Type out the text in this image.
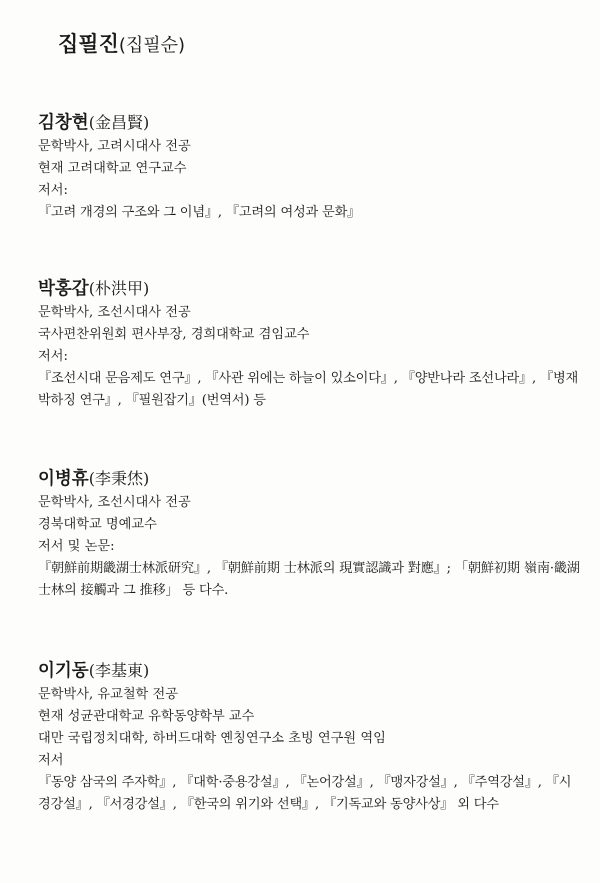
집필진(집필순)
김창현(金昌賢)
문학박사, 고려시대사 전공
현재 고려대학교 연구교수
저서:
『고려 개경의 구조와 그 이념』, 『고려의 여성과 문화』
박홍갑(朴洪甲)
문학박사, 조선시대사 전공
국사편찬위원회 편사부장, 경희대학교 겸임교수
저서:
『조선시대 문음제도 연구』, 『사관 위에는 하늘이 있소이다』, 『양반나라 조선나라』, 『병재 박하징 연구』, 『필원잡기』(번역서) 등
이병휴(李秉烋)
문학박사, 조선시대사 전공
경북대학교 명예교수
저서 및 논문:
『朝鮮前期畿湖士林派研究』, 『朝鮮前期 士林派의 現實認識과 對應』; 「朝鮮初期 嶺南·畿湖士林의 接觸과 그 推移」 등 다수.
이기동(李基東)
문학박사, 유교철학 전공
현재 성균관대학교 유학동양학부 교수
대만 국립정치대학, 하버드대학 옌칭연구소 초빙 연구원 역임
저서
『동양 삼국의 주자학』, 『대학·중용강설』, 『논어강설』, 『맹자강설』, 『주역강설』, 『시경강설』, 『서경강설』, 『한국의 위기와 선택』, 『기독교와 동양사상』 외 다수
